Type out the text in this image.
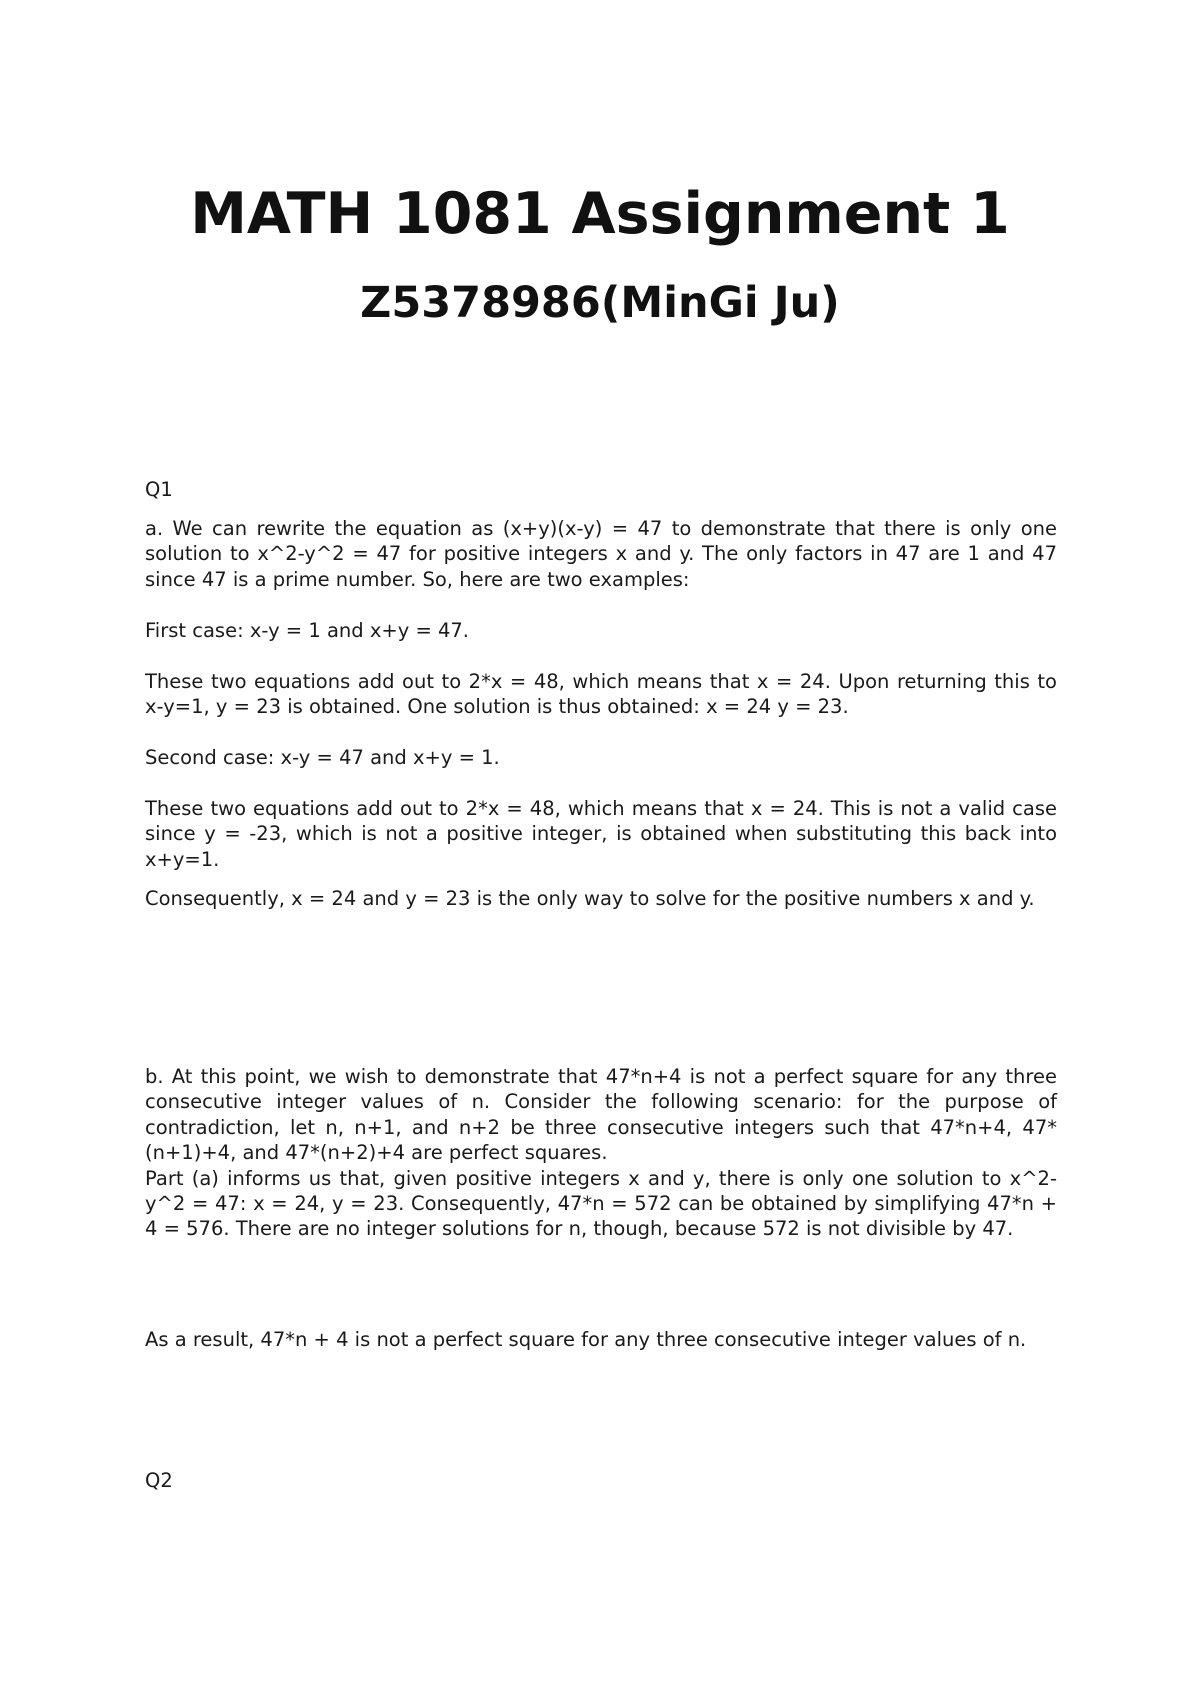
MATH 1081 Assignment 1
Z5378986(MinGi Ju)

Q1

a. We can rewrite the equation as (x+y)(x-y) = 47 to demonstrate that there is only one solution to x^2-y^2 = 47 for positive integers x and y. The only factors in 47 are 1 and 47 since 47 is a prime number. So, here are two examples:

First case: x-y = 1 and x+y = 47.

These two equations add out to 2*x = 48, which means that x = 24. Upon returning this to x-y=1, y = 23 is obtained. One solution is thus obtained: x = 24 y = 23.

Second case: x-y = 47 and x+y = 1.

These two equations add out to 2*x = 48, which means that x = 24. This is not a valid case since y = -23, which is not a positive integer, is obtained when substituting this back into x+y=1.

Consequently, x = 24 and y = 23 is the only way to solve for the positive numbers x and y.

b. At this point, we wish to demonstrate that 47*n+4 is not a perfect square for any three consecutive integer values of n. Consider the following scenario: for the purpose of contradiction, let n, n+1, and n+2 be three consecutive integers such that 47*n+4, 47*(n+1)+4, and 47*(n+2)+4 are perfect squares.

Part (a) informs us that, given positive integers x and y, there is only one solution to x^2-y^2 = 47: x = 24, y = 23. Consequently, 47*n = 572 can be obtained by simplifying 47*n + 4 = 576. There are no integer solutions for n, though, because 572 is not divisible by 47.

As a result, 47*n + 4 is not a perfect square for any three consecutive integer values of n.

Q2
